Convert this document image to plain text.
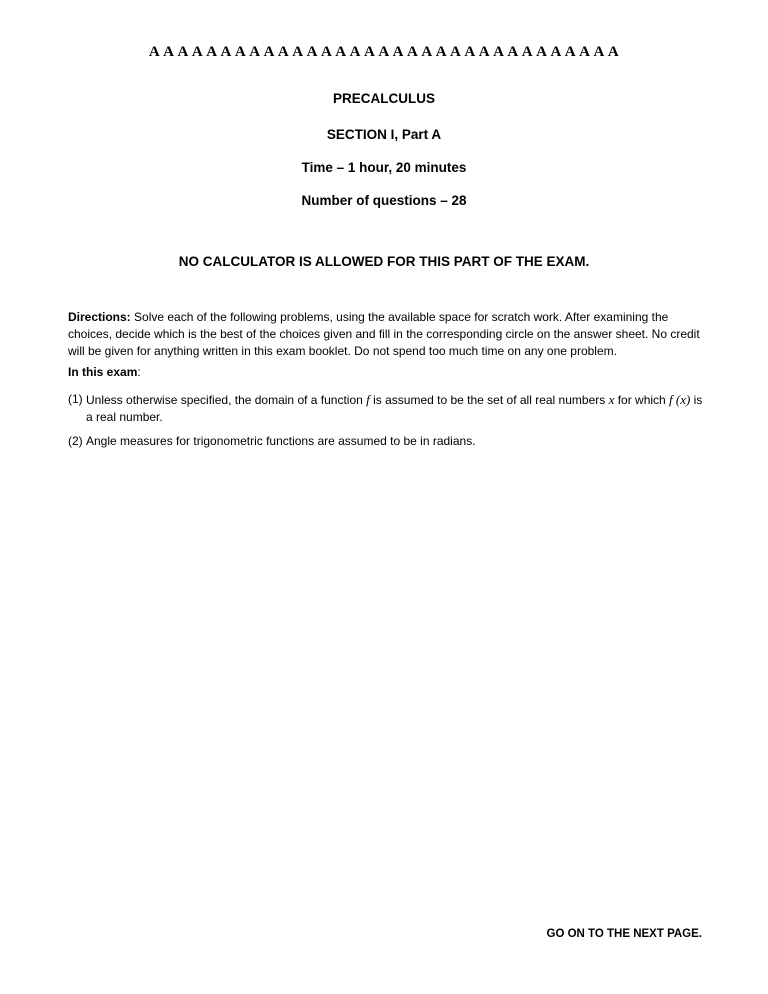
A A A A A A A A A A A A A A A A A A A A A A A A A A A A A A A A A
PRECALCULUS
SECTION I, Part A
Time – 1 hour, 20 minutes
Number of questions – 28
NO CALCULATOR IS ALLOWED FOR THIS PART OF THE EXAM.
Directions: Solve each of the following problems, using the available space for scratch work. After examining the choices, decide which is the best of the choices given and fill in the corresponding circle on the answer sheet. No credit will be given for anything written in this exam booklet. Do not spend too much time on any one problem.
In this exam:
(1) Unless otherwise specified, the domain of a function f is assumed to be the set of all real numbers x for which f (x) is a real number.
(2) Angle measures for trigonometric functions are assumed to be in radians.
GO ON TO THE NEXT PAGE.
